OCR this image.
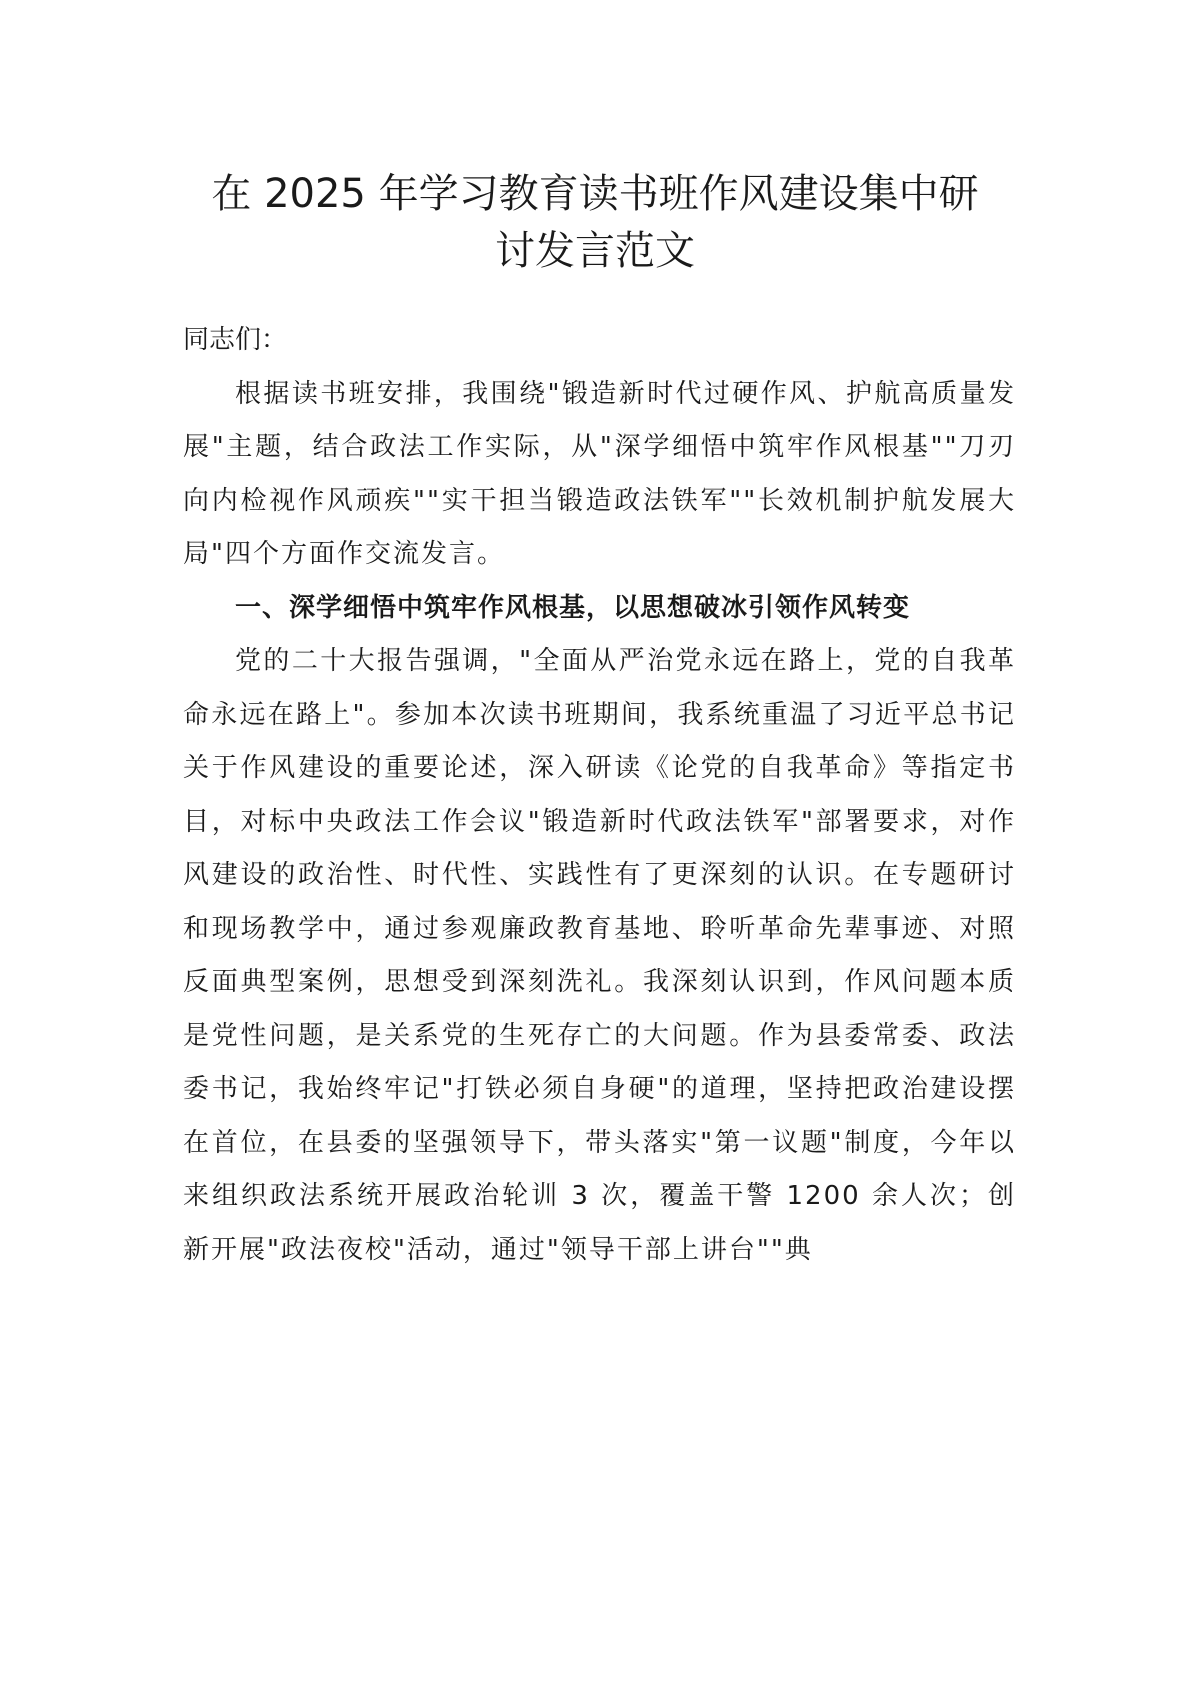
在 2025 年学习教育读书班作风建设集中研
讨发言范文

同志们：

根据读书班安排，我围绕"锻造新时代过硬作风、护航高质量发展"主题，结合政法工作实际，从"深学细悟中筑牢作风根基""刀刃向内检视作风顽疾""实干担当锻造政法铁军""长效机制护航发展大局"四个方面作交流发言。

一、深学细悟中筑牢作风根基，以思想破冰引领作风转变

党的二十大报告强调，"全面从严治党永远在路上，党的自我革命永远在路上"。参加本次读书班期间，我系统重温了习近平总书记关于作风建设的重要论述，深入研读《论党的自我革命》等指定书目，对标中央政法工作会议"锻造新时代政法铁军"部署要求，对作风建设的政治性、时代性、实践性有了更深刻的认识。在专题研讨和现场教学中，通过参观廉政教育基地、聆听革命先辈事迹、对照反面典型案例，思想受到深刻洗礼。我深刻认识到，作风问题本质是党性问题，是关系党的生死存亡的大问题。作为县委常委、政法委书记，我始终牢记"打铁必须自身硬"的道理，坚持把政治建设摆在首位，在县委的坚强领导下，带头落实"第一议题"制度，今年以来组织政法系统开展政治轮训 3 次，覆盖干警 1200 余人次；创新开展"政法夜校"活动，通过"领导干部上讲台""典
